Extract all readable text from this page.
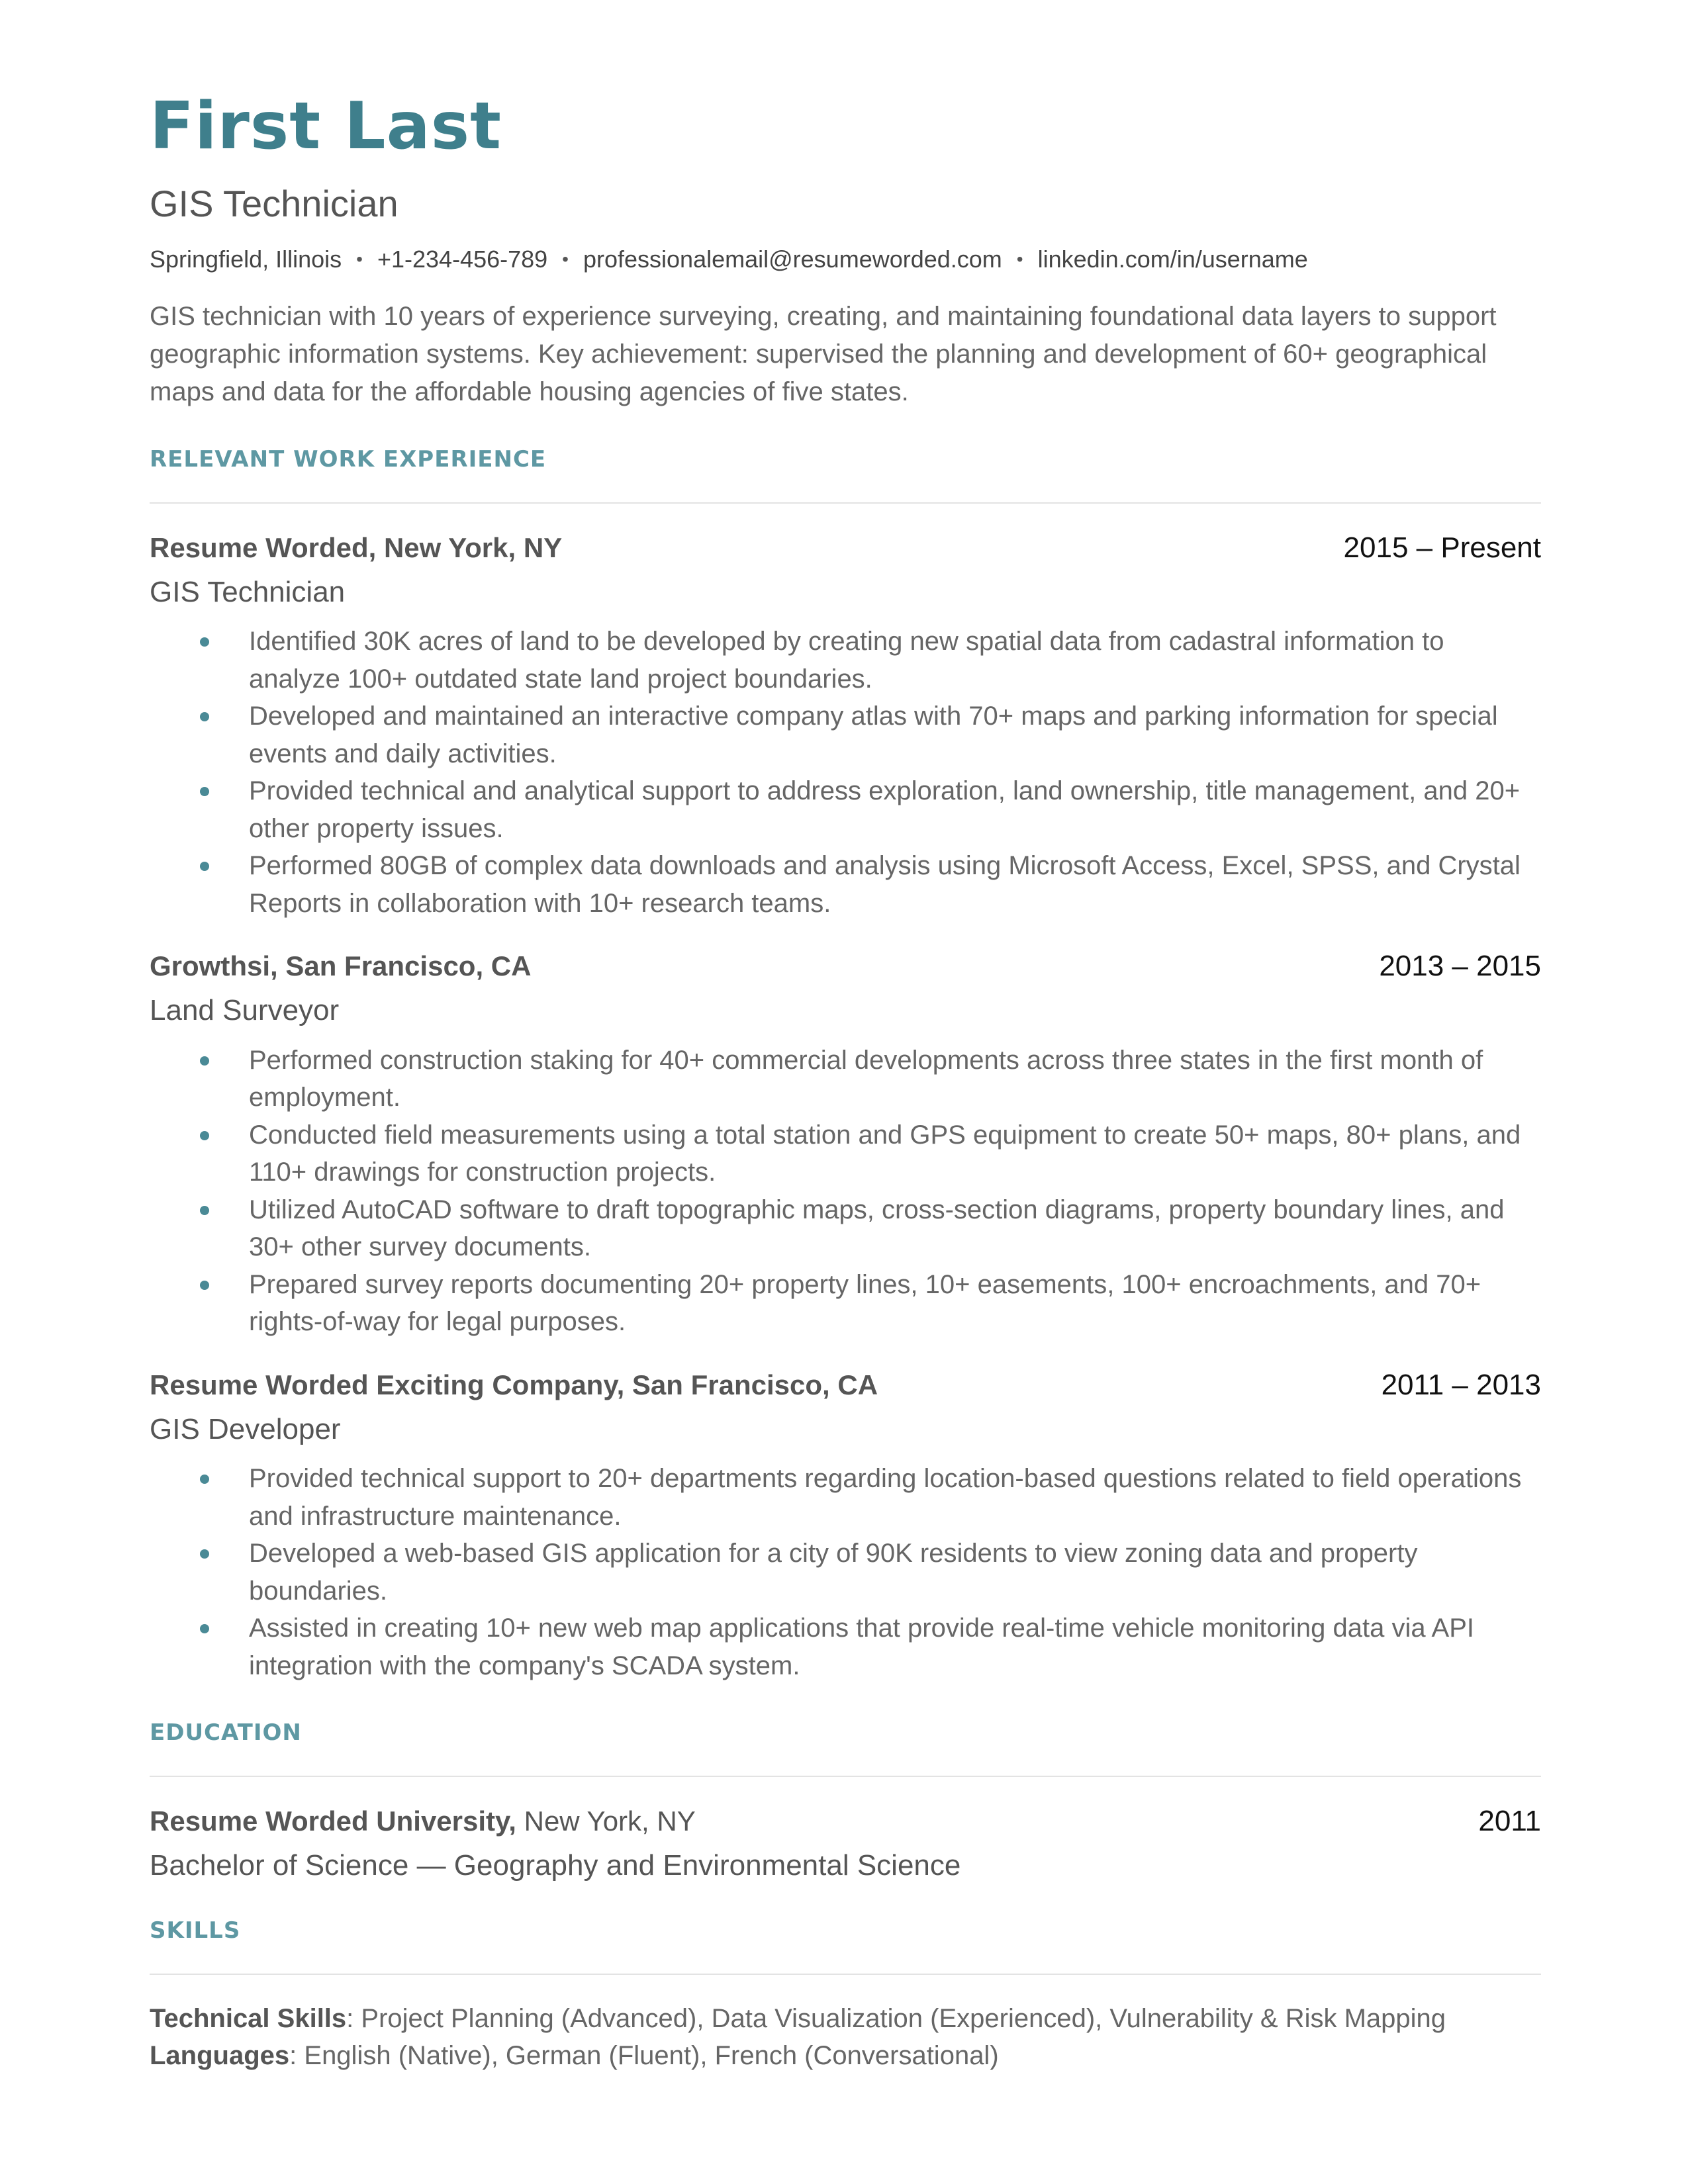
First Last
GIS Technician
Springfield, Illinois • +1-234-456-789 • professionalemail@resumeworded.com • linkedin.com/in/username
GIS technician with 10 years of experience surveying, creating, and maintaining foundational data layers to support geographic information systems. Key achievement: supervised the planning and development of 60+ geographical maps and data for the affordable housing agencies of five states.
RELEVANT WORK EXPERIENCE
Resume Worded, New York, NY	2015 – Present
GIS Technician
Identified 30K acres of land to be developed by creating new spatial data from cadastral information to analyze 100+ outdated state land project boundaries.
Developed and maintained an interactive company atlas with 70+ maps and parking information for special events and daily activities.
Provided technical and analytical support to address exploration, land ownership, title management, and 20+ other property issues.
Performed 80GB of complex data downloads and analysis using Microsoft Access, Excel, SPSS, and Crystal Reports in collaboration with 10+ research teams.
Growthsi, San Francisco, CA	2013 – 2015
Land Surveyor
Performed construction staking for 40+ commercial developments across three states in the first month of employment.
Conducted field measurements using a total station and GPS equipment to create 50+ maps, 80+ plans, and 110+ drawings for construction projects.
Utilized AutoCAD software to draft topographic maps, cross-section diagrams, property boundary lines, and 30+ other survey documents.
Prepared survey reports documenting 20+ property lines, 10+ easements, 100+ encroachments, and 70+ rights-of-way for legal purposes.
Resume Worded Exciting Company, San Francisco, CA	2011 – 2013
GIS Developer
Provided technical support to 20+ departments regarding location-based questions related to field operations and infrastructure maintenance.
Developed a web-based GIS application for a city of 90K residents to view zoning data and property boundaries.
Assisted in creating 10+ new web map applications that provide real-time vehicle monitoring data via API integration with the company's SCADA system.
EDUCATION
Resume Worded University, New York, NY	2011
Bachelor of Science — Geography and Environmental Science
SKILLS
Technical Skills: Project Planning (Advanced), Data Visualization (Experienced), Vulnerability & Risk Mapping
Languages: English (Native), German (Fluent), French (Conversational)
